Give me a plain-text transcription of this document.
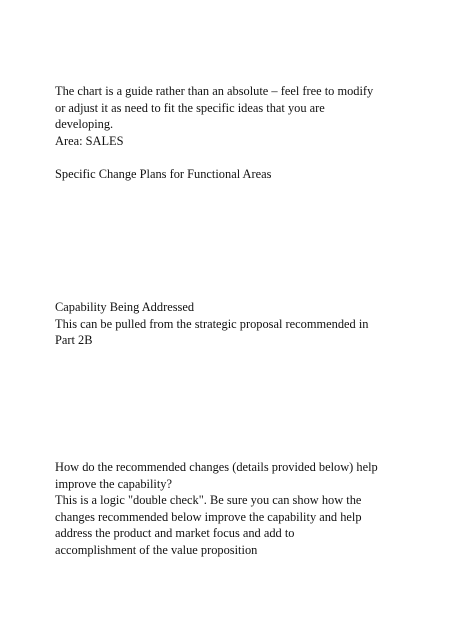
The chart is a guide rather than an absolute – feel free to modify
or adjust it as need to fit the specific ideas that you are
developing.
Area: SALES
Specific Change Plans for Functional Areas
Capability Being Addressed
This can be pulled from the strategic proposal recommended in
Part 2B
How do the recommended changes (details provided below) help
improve the capability?
This is a logic "double check". Be sure you can show how the
changes recommended below improve the capability and help
address the product and market focus and add to
accomplishment of the value proposition
